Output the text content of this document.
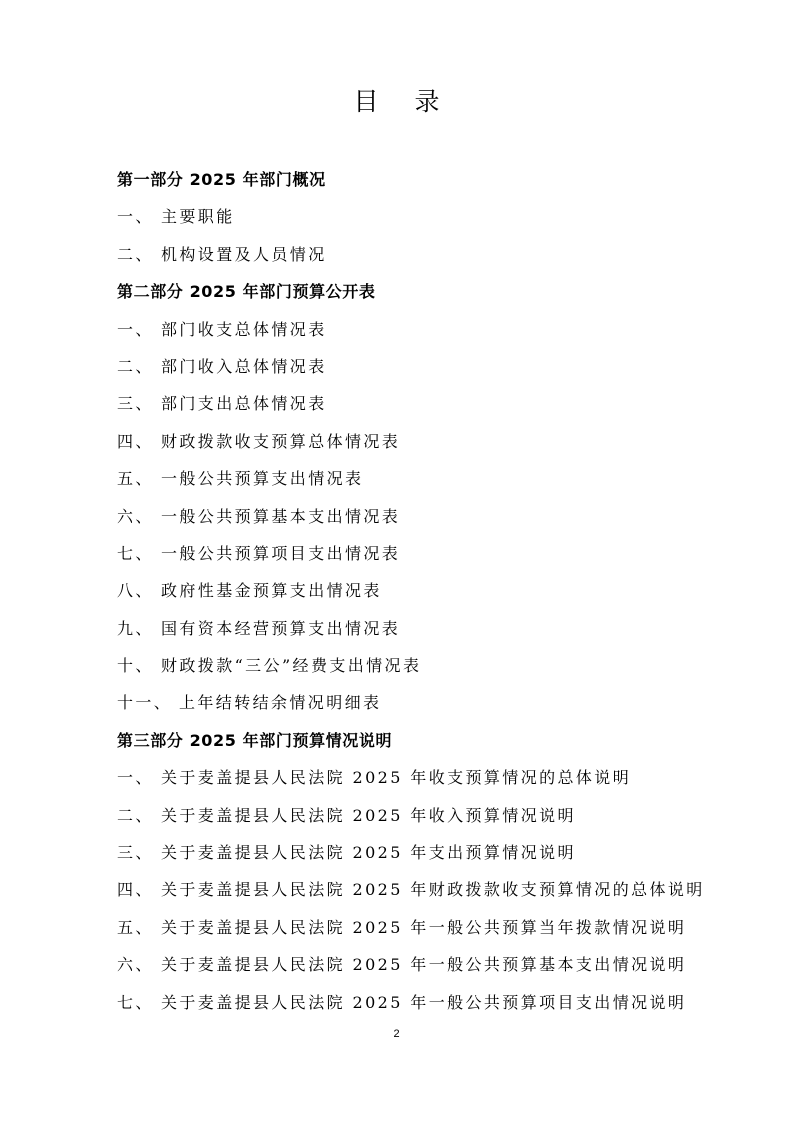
目 录
第一部分 2025 年部门概况
一、 主要职能
二、 机构设置及人员情况
第二部分 2025 年部门预算公开表
一、 部门收支总体情况表
二、 部门收入总体情况表
三、 部门支出总体情况表
四、 财政拨款收支预算总体情况表
五、 一般公共预算支出情况表
六、 一般公共预算基本支出情况表
七、 一般公共预算项目支出情况表
八、 政府性基金预算支出情况表
九、 国有资本经营预算支出情况表
十、 财政拨款“三公”经费支出情况表
十一、 上年结转结余情况明细表
第三部分 2025 年部门预算情况说明
一、 关于麦盖提县人民法院 2025 年收支预算情况的总体说明
二、 关于麦盖提县人民法院 2025 年收入预算情况说明
三、 关于麦盖提县人民法院 2025 年支出预算情况说明
四、 关于麦盖提县人民法院 2025 年财政拨款收支预算情况的总体说明
五、 关于麦盖提县人民法院 2025 年一般公共预算当年拨款情况说明
六、 关于麦盖提县人民法院 2025 年一般公共预算基本支出情况说明
七、 关于麦盖提县人民法院 2025 年一般公共预算项目支出情况说明
2
